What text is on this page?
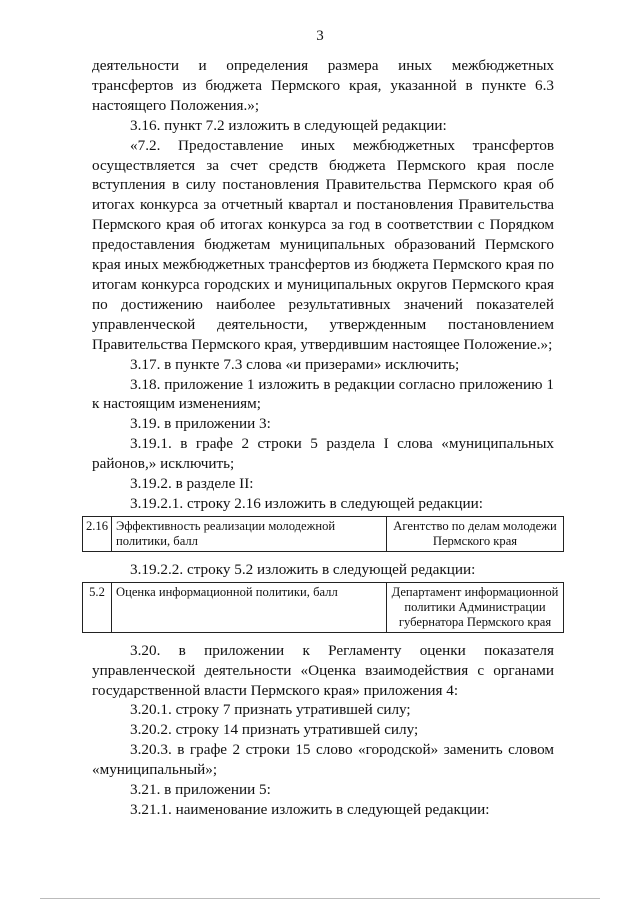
3

деятельности и определения размера иных межбюджетных трансфертов из бюджета Пермского края, указанной в пункте 6.3 настоящего Положения.»;

3.16. пункт 7.2 изложить в следующей редакции:

«7.2. Предоставление иных межбюджетных трансфертов осуществляется за счет средств бюджета Пермского края после вступления в силу постановления Правительства Пермского края об итогах конкурса за отчетный квартал и постановления Правительства Пермского края об итогах конкурса за год в соответствии с Порядком предоставления бюджетам муниципальных образований Пермского края иных межбюджетных трансфертов из бюджета Пермского края по итогам конкурса городских и муниципальных округов Пермского края по достижению наиболее результативных значений показателей управленческой деятельности, утвержденным постановлением Правительства Пермского края, утвердившим настоящее Положение.»;

3.17. в пункте 7.3 слова «и призерами» исключить;

3.18. приложение 1 изложить в редакции согласно приложению 1 к настоящим изменениям;

3.19. в приложении 3:

3.19.1. в графе 2 строки 5 раздела I слова «муниципальных районов,» исключить;

3.19.2. в разделе II:

3.19.2.1. строку 2.16 изложить в следующей редакции:

2.16	Эффективность реализации молодежной политики, балл	Агентство по делам молодежи Пермского края

3.19.2.2. строку 5.2 изложить в следующей редакции:

5.2	Оценка информационной политики, балл	Департамент информационной политики Администрации губернатора Пермского края

3.20. в приложении к Регламенту оценки показателя управленческой деятельности «Оценка взаимодействия с органами государственной власти Пермского края» приложения 4:

3.20.1. строку 7 признать утратившей силу;

3.20.2. строку 14 признать утратившей силу;

3.20.3. в графе 2 строки 15 слово «городской» заменить словом «муниципальный»;

3.21. в приложении 5:

3.21.1. наименование изложить в следующей редакции:
